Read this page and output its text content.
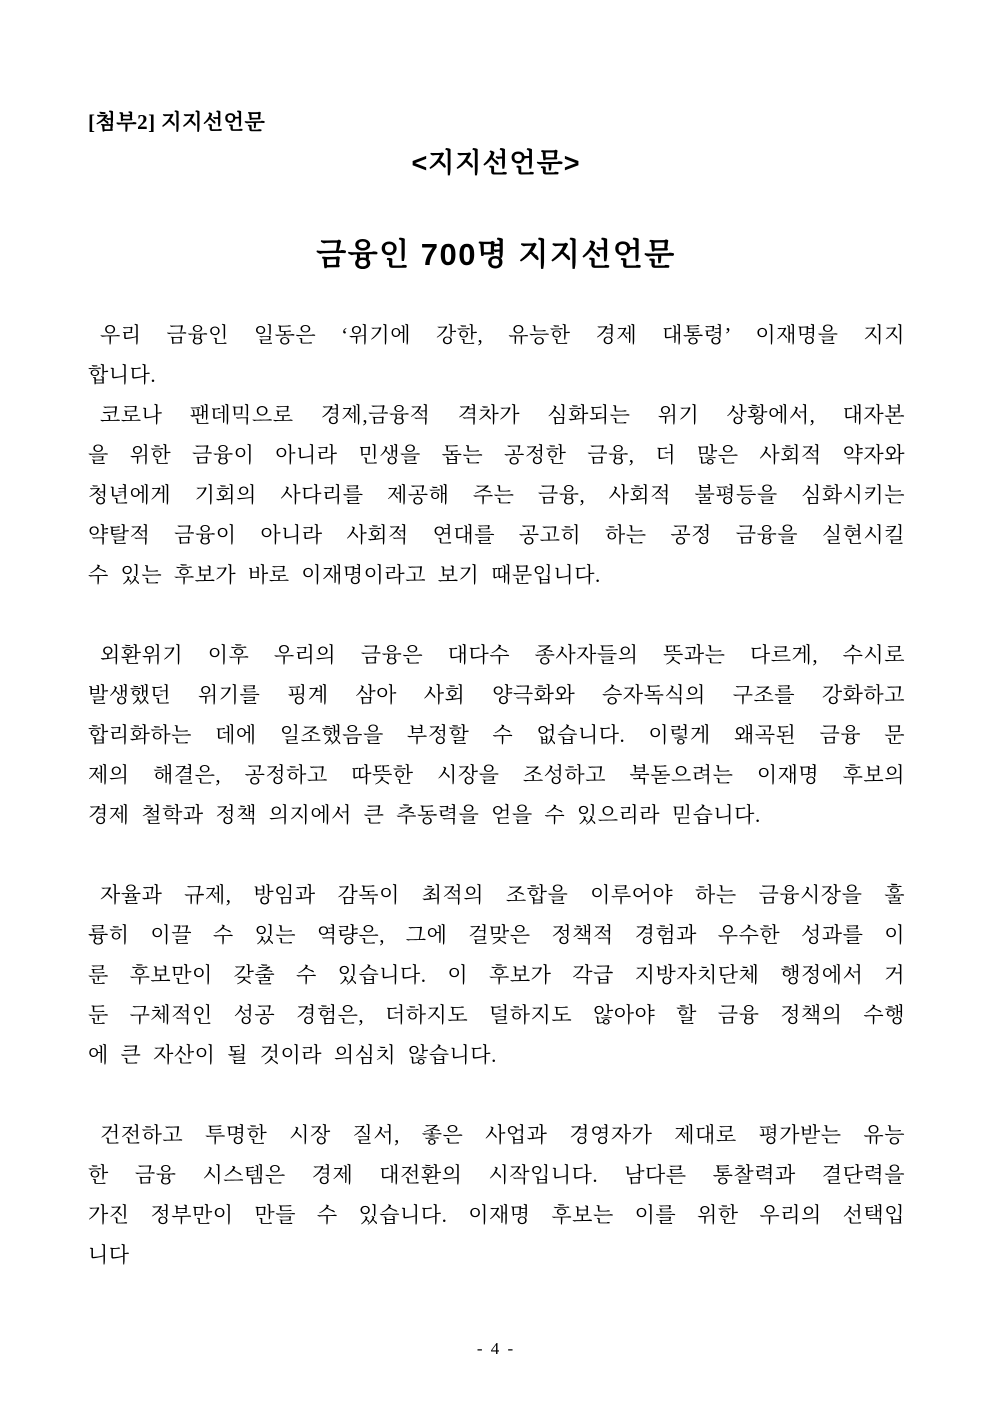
[첨부2] 지지선언문
<지지선언문>
금융인 700명 지지선언문
우리 금융인 일동은 ‘위기에 강한, 유능한 경제 대통령’ 이재명을 지지
합니다.
코로나 팬데믹으로 경제,금융적 격차가 심화되는 위기 상황에서, 대자본
을 위한 금융이 아니라 민생을 돕는 공정한 금융, 더 많은 사회적 약자와
청년에게 기회의 사다리를 제공해 주는 금융, 사회적 불평등을 심화시키는
약탈적 금융이 아니라 사회적 연대를 공고히 하는 공정 금융을 실현시킬
수 있는 후보가 바로 이재명이라고 보기 때문입니다.
외환위기 이후 우리의 금융은 대다수 종사자들의 뜻과는 다르게, 수시로
발생했던 위기를 핑계 삼아 사회 양극화와 승자독식의 구조를 강화하고
합리화하는 데에 일조했음을 부정할 수 없습니다. 이렇게 왜곡된 금융 문
제의 해결은, 공정하고 따뜻한 시장을 조성하고 북돋으려는 이재명 후보의
경제 철학과 정책 의지에서 큰 추동력을 얻을 수 있으리라 믿습니다.
자율과 규제, 방임과 감독이 최적의 조합을 이루어야 하는 금융시장을 훌
륭히 이끌 수 있는 역량은, 그에 걸맞은 정책적 경험과 우수한 성과를 이
룬 후보만이 갖출 수 있습니다. 이 후보가 각급 지방자치단체 행정에서 거
둔 구체적인 성공 경험은, 더하지도 덜하지도 않아야 할 금융 정책의 수행
에 큰 자산이 될 것이라 의심치 않습니다.
건전하고 투명한 시장 질서, 좋은 사업과 경영자가 제대로 평가받는 유능
한 금융 시스템은 경제 대전환의 시작입니다. 남다른 통찰력과 결단력을
가진 정부만이 만들 수 있습니다. 이재명 후보는 이를 위한 우리의 선택입
니다
- 4 -
